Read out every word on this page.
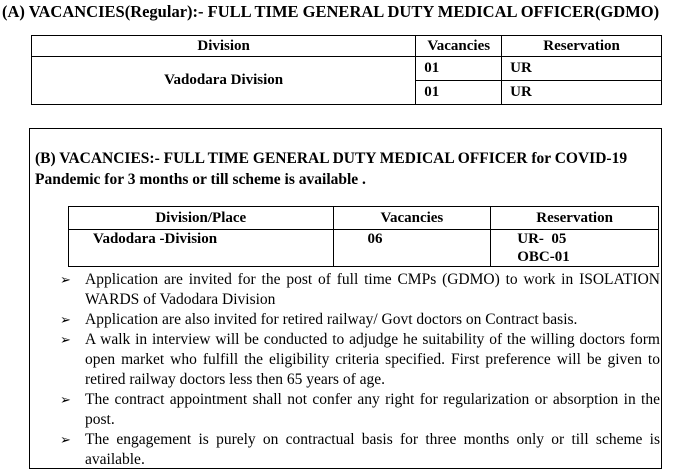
(A) VACANCIES(Regular):- FULL TIME GENERAL DUTY MEDICAL OFFICER(GDMO)
Division	Vacancies	Reservation
Vadodara Division	01	UR
	01	UR
(B) VACANCIES:- FULL TIME GENERAL DUTY MEDICAL OFFICER for COVID-19 Pandemic for 3 months or till scheme is available .
Division/Place	Vacancies	Reservation
Vadodara -Division	06	UR-  05
OBC-01
➢ Application are invited for the post of full time CMPs (GDMO) to work in ISOLATION WARDS of Vadodara Division
➢ Application are also invited for retired railway/ Govt doctors on Contract basis.
➢ A walk in interview will be conducted to adjudge he suitability of the willing doctors form open market who fulfill the eligibility criteria specified. First preference will be given to retired railway doctors less then 65 years of age.
➢ The contract appointment shall not confer any right for regularization or absorption in the post.
➢ The engagement is purely on contractual basis for three months only or till scheme is available.
